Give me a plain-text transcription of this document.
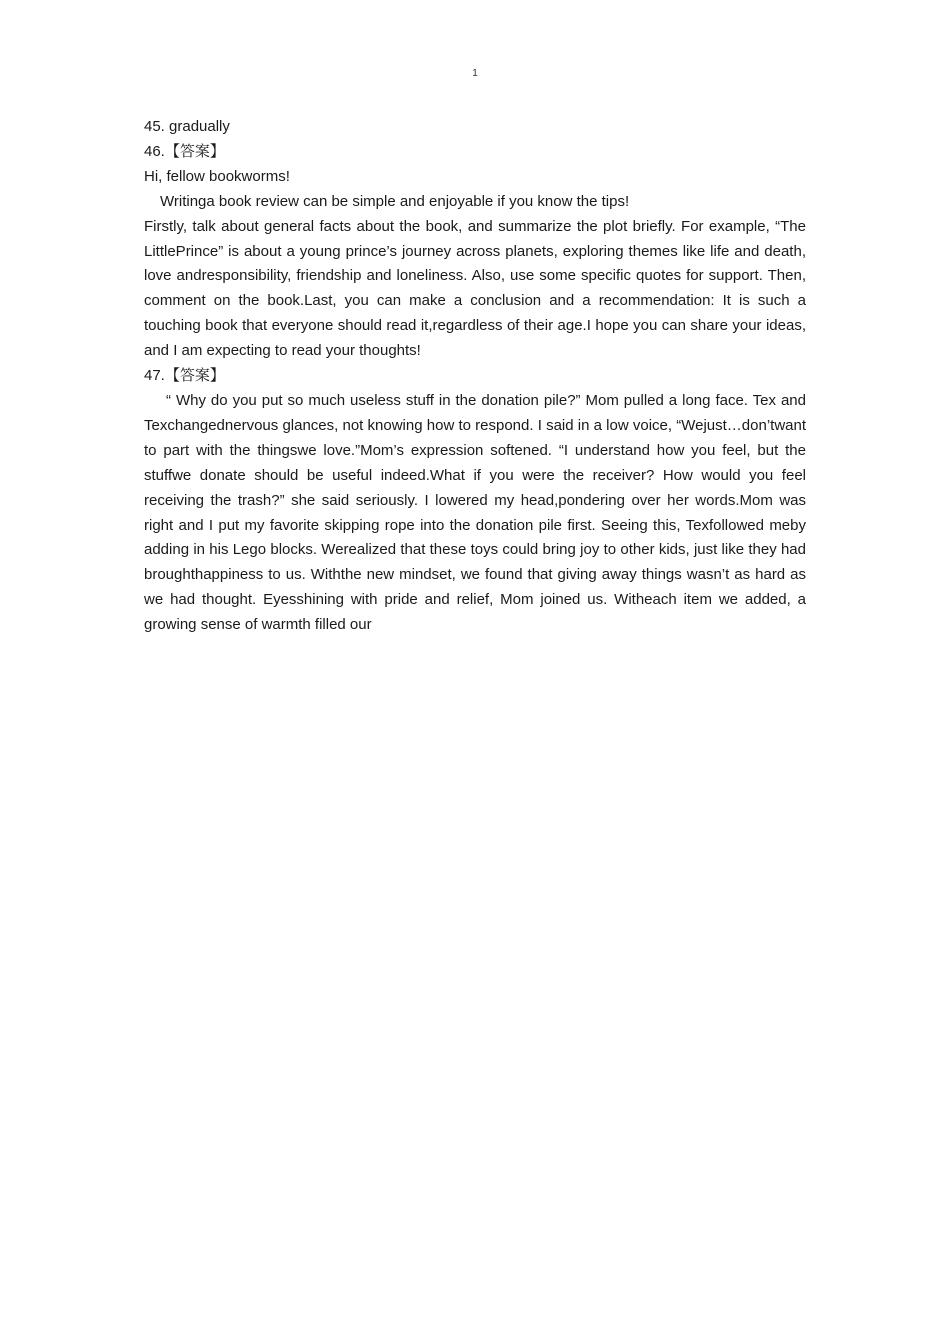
1

45. gradually

46.【答案】

Hi, fellow bookworms!

Writinga book review can be simple and enjoyable if you know the tips!

Firstly, talk about general facts about the book, and summarize the plot briefly. For example, “The LittlePrince” is about a young prince’s journey across planets, exploring themes like life and death, love andresponsibility, friendship and loneliness. Also, use some specific quotes for support. Then, comment on the book.Last, you can make a conclusion and a recommendation: It is such a touching book that everyone should read it,regardless of their age.I hope you can share your ideas, and I am expecting to read your thoughts!

47.【答案】

“ Why do you put so much useless stuff in the donation pile?” Mom pulled a long face. Tex and Texchangednervous glances, not knowing how to respond. I said in a low voice, “Wejust…don’twant to part with the thingswe love.”Mom’s expression softened. “I understand how you feel, but the stuffwe donate should be useful indeed.What if you were the receiver? How would you feel receiving the trash?” she said seriously. I lowered my head,pondering over her words.Mom was right and I put my favorite skipping rope into the donation pile first. Seeing this, Texfollowed meby adding in his Lego blocks. Werealized that these toys could bring joy to other kids, just like they had broughthappiness to us. Withthe new mindset, we found that giving away things wasn’t as hard as we had thought. Eyesshining with pride and relief, Mom joined us. Witheach item we added, a growing sense of warmth filled our
